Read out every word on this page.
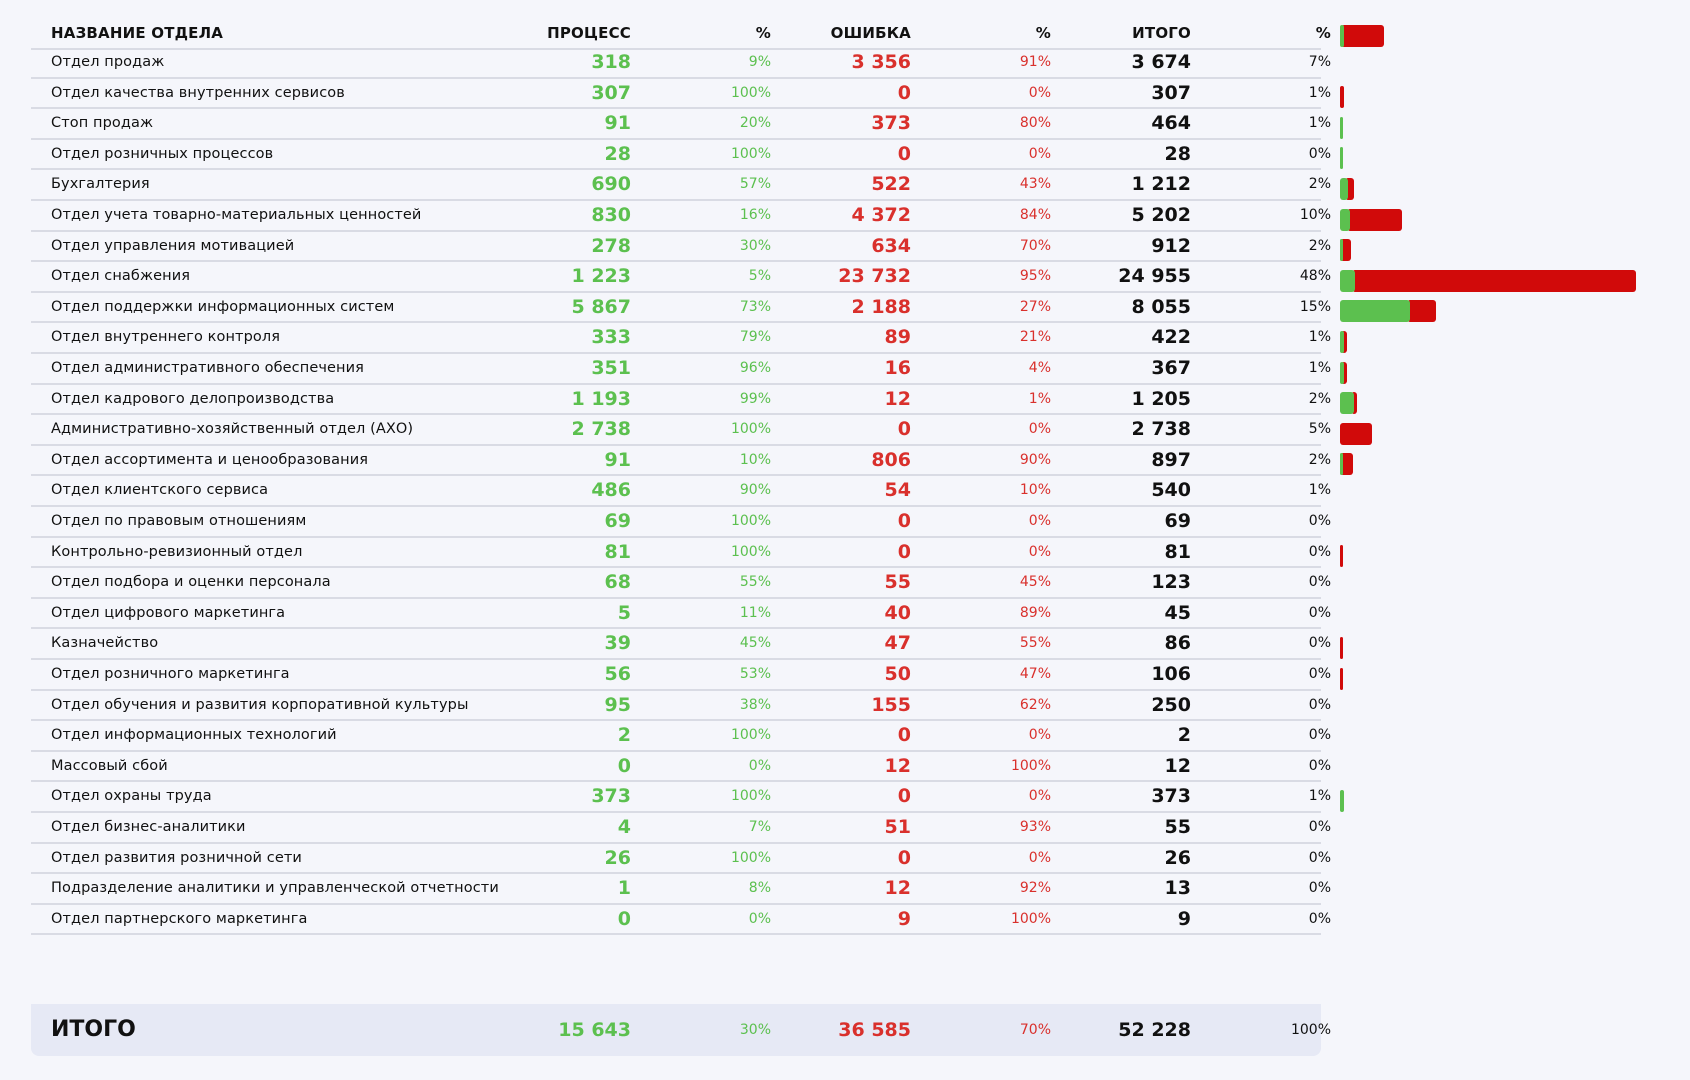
НАЗВАНИЕ ОТДЕЛА	ПРОЦЕСС	%	ОШИБКА	%	ИТОГО	%
Отдел продаж	318	9%	3 356	91%	3 674	7%
Отдел качества внутренних сервисов	307	100%	0	0%	307	1%
Стоп продаж	91	20%	373	80%	464	1%
Отдел розничных процессов	28	100%	0	0%	28	0%
Бухгалтерия	690	57%	522	43%	1 212	2%
Отдел учета товарно-материальных ценностей	830	16%	4 372	84%	5 202	10%
Отдел управления мотивацией	278	30%	634	70%	912	2%
Отдел снабжения	1 223	5%	23 732	95%	24 955	48%
Отдел поддержки информационных систем	5 867	73%	2 188	27%	8 055	15%
Отдел внутреннего контроля	333	79%	89	21%	422	1%
Отдел административного обеспечения	351	96%	16	4%	367	1%
Отдел кадрового делопроизводства	1 193	99%	12	1%	1 205	2%
Административно-хозяйственный отдел (АХО)	2 738	100%	0	0%	2 738	5%
Отдел ассортимента и ценообразования	91	10%	806	90%	897	2%
Отдел клиентского сервиса	486	90%	54	10%	540	1%
Отдел по правовым отношениям	69	100%	0	0%	69	0%
Контрольно-ревизионный отдел	81	100%	0	0%	81	0%
Отдел подбора и оценки персонала	68	55%	55	45%	123	0%
Отдел цифрового маркетинга	5	11%	40	89%	45	0%
Казначейство	39	45%	47	55%	86	0%
Отдел розничного маркетинга	56	53%	50	47%	106	0%
Отдел обучения и развития корпоративной культуры	95	38%	155	62%	250	0%
Отдел информационных технологий	2	100%	0	0%	2	0%
Массовый сбой	0	0%	12	100%	12	0%
Отдел охраны труда	373	100%	0	0%	373	1%
Отдел бизнес-аналитики	4	7%	51	93%	55	0%
Отдел развития розничной сети	26	100%	0	0%	26	0%
Подразделение аналитики и управленческой отчетности	1	8%	12	92%	13	0%
Отдел партнерского маркетинга	0	0%	9	100%	9	0%
ИТОГО	15 643	30%	36 585	70%	52 228	100%
